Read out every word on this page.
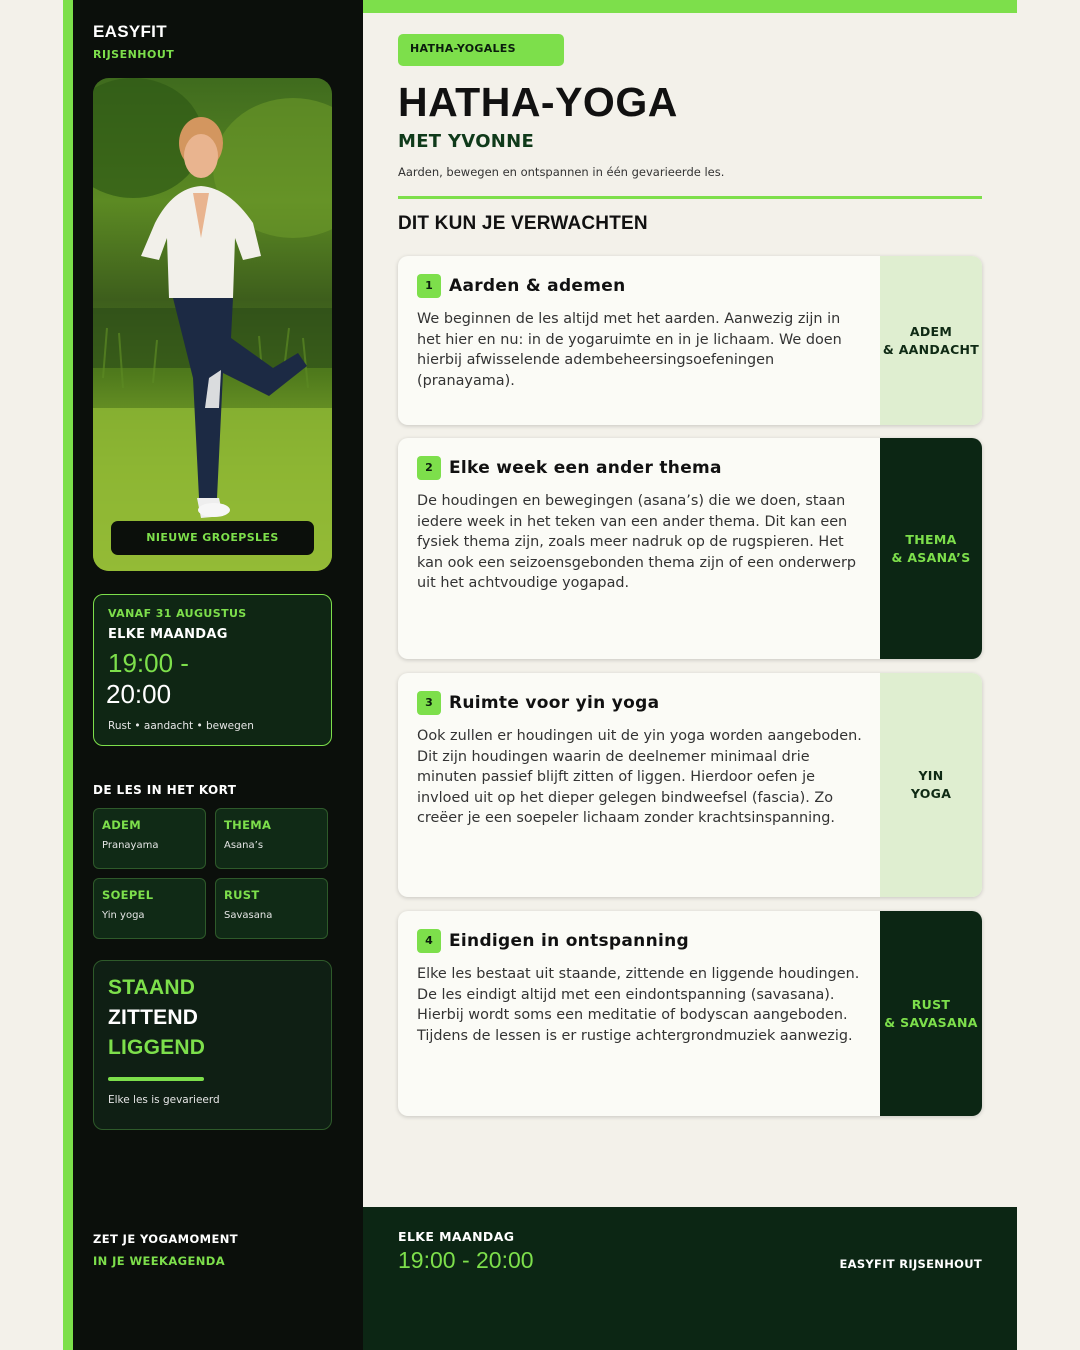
EASYFIT
RIJSENHOUT
NIEUWE GROEPSLES
VANAF 31 AUGUSTUS
ELKE MAANDAG
19:00 -
20:00
Rust • aandacht • bewegen
DE LES IN HET KORT
ADEM
Pranayama
THEMA
Asana’s
SOEPEL
Yin yoga
RUST
Savasana
STAAND
ZITTEND
LIGGEND
Elke les is gevarieerd
ZET JE YOGAMOMENT
IN JE WEEKAGENDA
HATHA-YOGALES
HATHA-YOGA
MET YVONNE
Aarden, bewegen en ontspannen in één gevarieerde les.
DIT KUN JE VERWACHTEN
1 Aarden & ademen

We beginnen de les altijd met het aarden. Aanwezig zijn in het hier en nu: in de yogaruimte en in je lichaam. We doen hierbij afwisselende adembeheersingsoefeningen (pranayama).

ADEM
& AANDACHT
2 Elke week een ander thema

De houdingen en bewegingen (asana’s) die we doen, staan iedere week in het teken van een ander thema. Dit kan een fysiek thema zijn, zoals meer nadruk op de rugspieren. Het kan ook een seizoensgebonden thema zijn of een onderwerp uit het achtvoudige yogapad.

THEMA
& ASANA’S
3 Ruimte voor yin yoga

Ook zullen er houdingen uit de yin yoga worden aangeboden. Dit zijn houdingen waarin de deelnemer minimaal drie minuten passief blijft zitten of liggen. Hierdoor oefen je invloed uit op het dieper gelegen bindweefsel (fascia). Zo creëer je een soepeler lichaam zonder krachtsinspanning.

YIN
YOGA
4 Eindigen in ontspanning

Elke les bestaat uit staande, zittende en liggende houdingen. De les eindigt altijd met een eindontspanning (savasana). Hierbij wordt soms een meditatie of bodyscan aangeboden. Tijdens de lessen is er rustige achtergrondmuziek aanwezig.

RUST
& SAVASANA
ELKE MAANDAG
19:00 - 20:00	EASYFIT RIJSENHOUT
